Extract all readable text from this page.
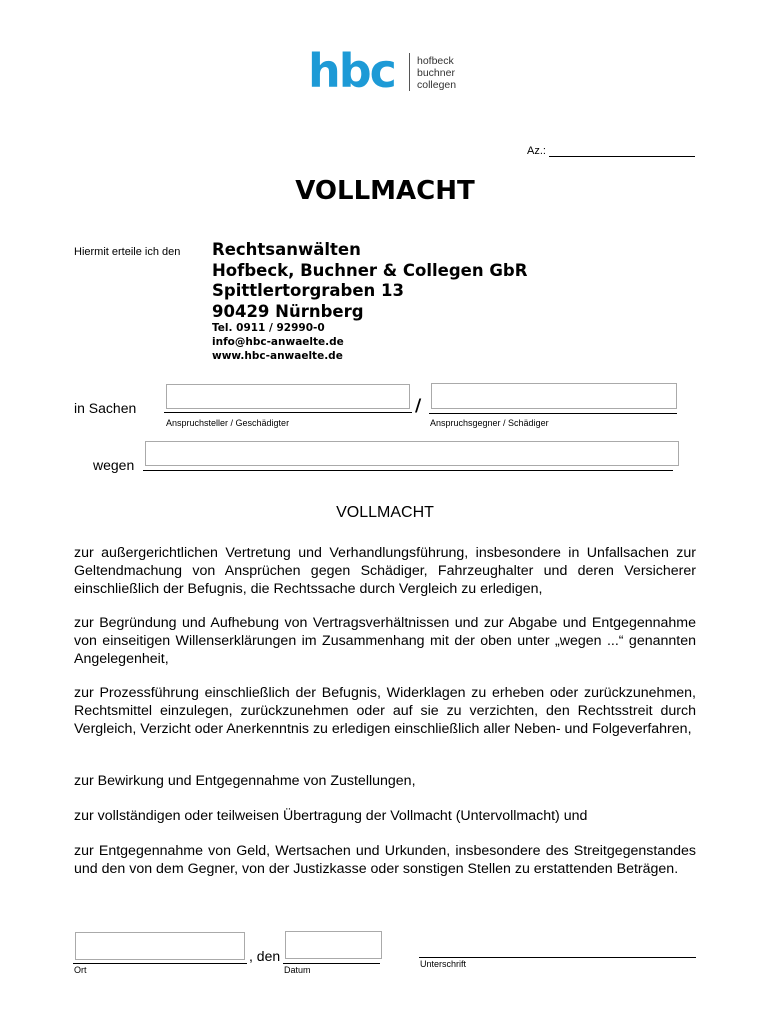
hbc	hofbeck
buchner
collegen
Az.:
VOLLMACHT
Hiermit erteile ich den Rechtsanwälten
Hofbeck, Buchner & Collegen GbR
Spittlertorgraben 13
90429 Nürnberg
Tel. 0911 / 92990-0
info@hbc-anwaelte.de
www.hbc-anwaelte.de
in Sachen
Anspruchsteller / Geschädigter
/
Anspruchsgegner / Schädiger
wegen
VOLLMACHT
zur außergerichtlichen Vertretung und Verhandlungsführung, insbesondere in Unfallsachen zur Geltendmachung von Ansprüchen gegen Schädiger, Fahrzeughalter und deren Versicherer einschließlich der Befugnis, die Rechtssache durch Vergleich zu erledigen,
zur Begründung und Aufhebung von Vertragsverhältnissen und zur Abgabe und Entgegennahme von einseitigen Willenserklärungen im Zusammenhang mit der oben unter „wegen ...“ genannten Angelegenheit,
zur Prozessführung einschließlich der Befugnis, Widerklagen zu erheben oder zurückzunehmen, Rechtsmittel einzulegen, zurückzunehmen oder auf sie zu verzichten, den Rechtsstreit durch Vergleich, Verzicht oder Anerkenntnis zu erledigen einschließlich aller Neben- und Folgeverfahren,
zur Bewirkung und Entgegennahme von Zustellungen,
zur vollständigen oder teilweisen Übertragung der Vollmacht (Untervollmacht) und
zur Entgegennahme von Geld, Wertsachen und Urkunden, insbesondere des Streitgegenstandes und den von dem Gegner, von der Justizkasse oder sonstigen Stellen zu erstattenden Beträgen.
Ort
, den
Datum
Unterschrift
